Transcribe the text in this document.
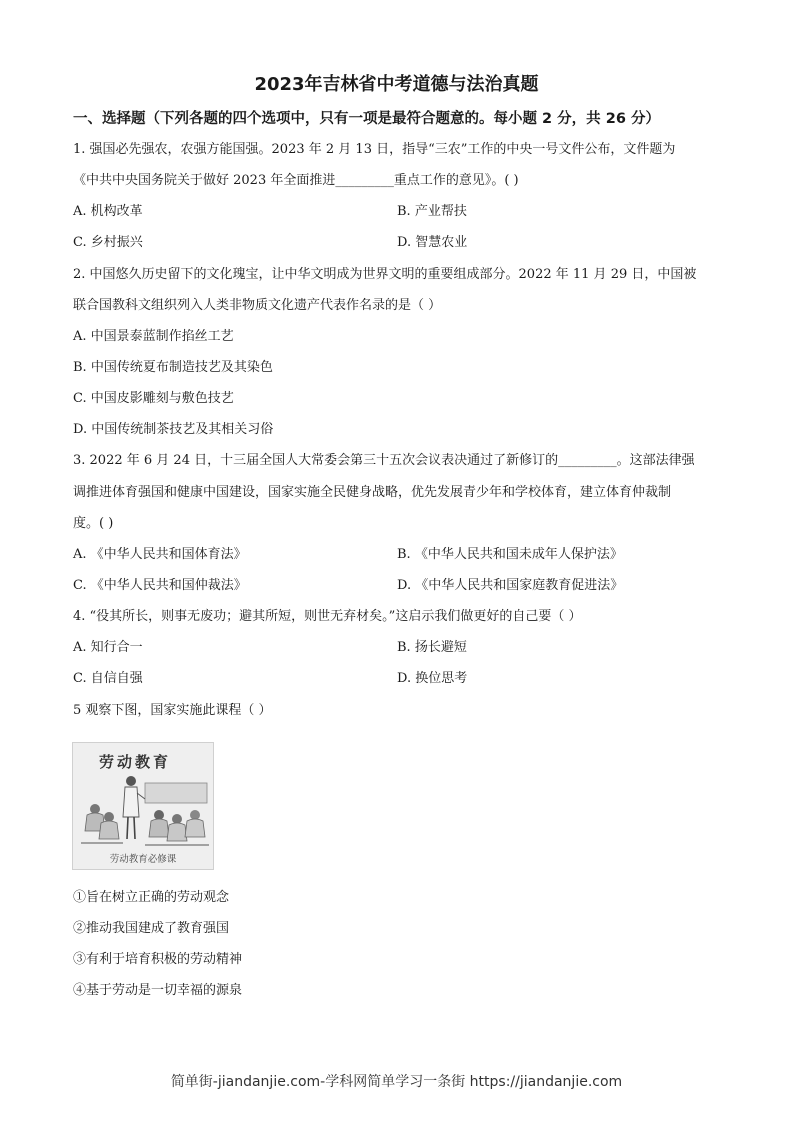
2023年吉林省中考道德与法治真题
一、选择题（下列各题的四个选项中，只有一项是最符合题意的。每小题 2 分，共 26 分）
1. 强国必先强农，农强方能国强。2023 年 2 月 13 日，指导“三农”工作的中央一号文件公布，文件题为
《中共中央国务院关于做好 2023 年全面推进_________重点工作的意见》。( )
A. 机构改革	B. 产业帮扶
C. 乡村振兴	D. 智慧农业
2. 中国悠久历史留下的文化瑰宝，让中华文明成为世界文明的重要组成部分。2022 年 11 月 29 日，中国被
联合国教科文组织列入人类非物质文化遗产代表作名录的是（ ）
A. 中国景泰蓝制作掐丝工艺
B. 中国传统夏布制造技艺及其染色
C. 中国皮影雕刻与敷色技艺
D. 中国传统制茶技艺及其相关习俗
3. 2022 年 6 月 24 日，十三届全国人大常委会第三十五次会议表决通过了新修订的_________。这部法律强
调推进体育强国和健康中国建设，国家实施全民健身战略，优先发展青少年和学校体育，建立体育仲裁制
度。( )
A. 《中华人民共和国体育法》	B. 《中华人民共和国未成年人保护法》
C. 《中华人民共和国仲裁法》	D. 《中华人民共和国家庭教育促进法》
4. “役其所长，则事无废功；避其所短，则世无弃材矣。”这启示我们做更好的自己要（ ）
A. 知行合一	B. 扬长避短
C. 自信自强	D. 换位思考
5 观察下图，国家实施此课程（ ）
劳动教育
劳动教育必修课
①旨在树立正确的劳动观念
②推动我国建成了教育强国
③有利于培育积极的劳动精神
④基于劳动是一切幸福的源泉
简单街-jiandanjie.com-学科网简单学习一条街 https://jiandanjie.com
